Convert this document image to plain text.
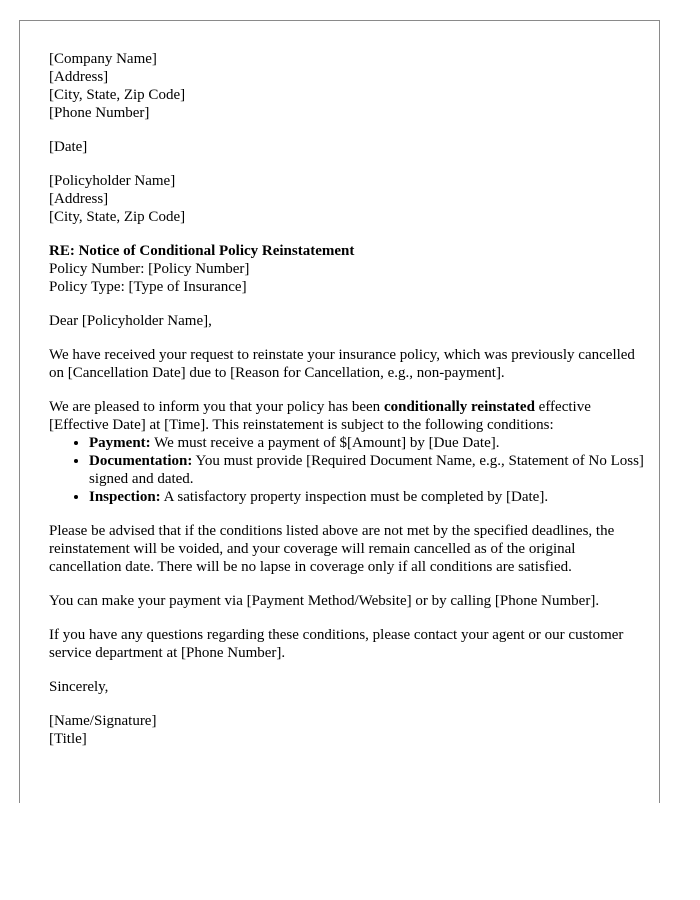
[Company Name]
[Address]
[City, State, Zip Code]
[Phone Number]

[Date]

[Policyholder Name]
[Address]
[City, State, Zip Code]
RE: Notice of Conditional Policy Reinstatement
Policy Number: [Policy Number]
Policy Type: [Type of Insurance]

Dear [Policyholder Name],

We have received your request to reinstate your insurance policy, which was previously cancelled on [Cancellation Date] due to [Reason for Cancellation, e.g., non-payment].

We are pleased to inform you that your policy has been conditionally reinstated effective [Effective Date] at [Time]. This reinstatement is subject to the following conditions:

• Payment: We must receive a payment of $[Amount] by [Due Date].
• Documentation: You must provide [Required Document Name, e.g., Statement of No Loss] signed and dated.
• Inspection: A satisfactory property inspection must be completed by [Date].

Please be advised that if the conditions listed above are not met by the specified deadlines, the reinstatement will be voided, and your coverage will remain cancelled as of the original cancellation date. There will be no lapse in coverage only if all conditions are satisfied.

You can make your payment via [Payment Method/Website] or by calling [Phone Number].

If you have any questions regarding these conditions, please contact your agent or our customer service department at [Phone Number].

Sincerely,

[Name/Signature]
[Title]
